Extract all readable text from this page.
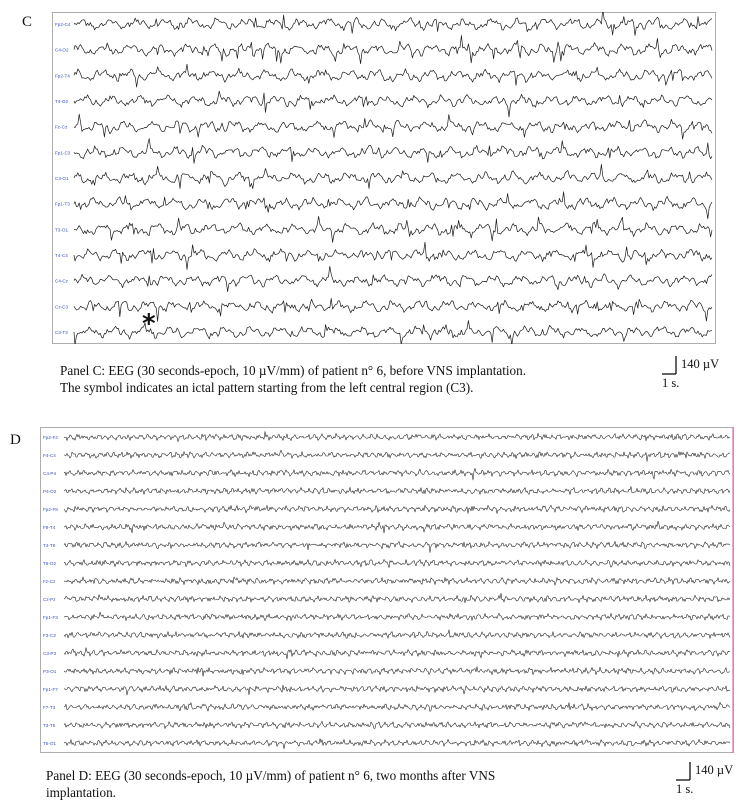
C	Fp2-C4
C4-O2
Fp2-T4
T4-O2
Fz-Cz
Fp1-C3
C3-O1
Fp1-T3
T3-O1
T4-C4
C4-Cz
Cz-C3
C3-T3	*
Panel C: EEG (30 seconds-epoch, 10 µV/mm) of patient n° 6, before VNS implantation.
The symbol indicates an ictal pattern starting from the left central region (C3).
140 µV
1 s.
D	Fp2-F4
F4-C4
C4-P4
P4-O2
Fp2-F8
F8-T4
T4-T6
T6-O2
Fz-Cz
Cz-Pz
Fp1-F3
F3-C3
C3-P3
P3-O1
Fp1-F7
F7-T3
T3-T5
T5-O1
Panel D: EEG (30 seconds-epoch, 10 µV/mm) of patient n° 6, two months after VNS
implantation.
140 µV
1 s.
